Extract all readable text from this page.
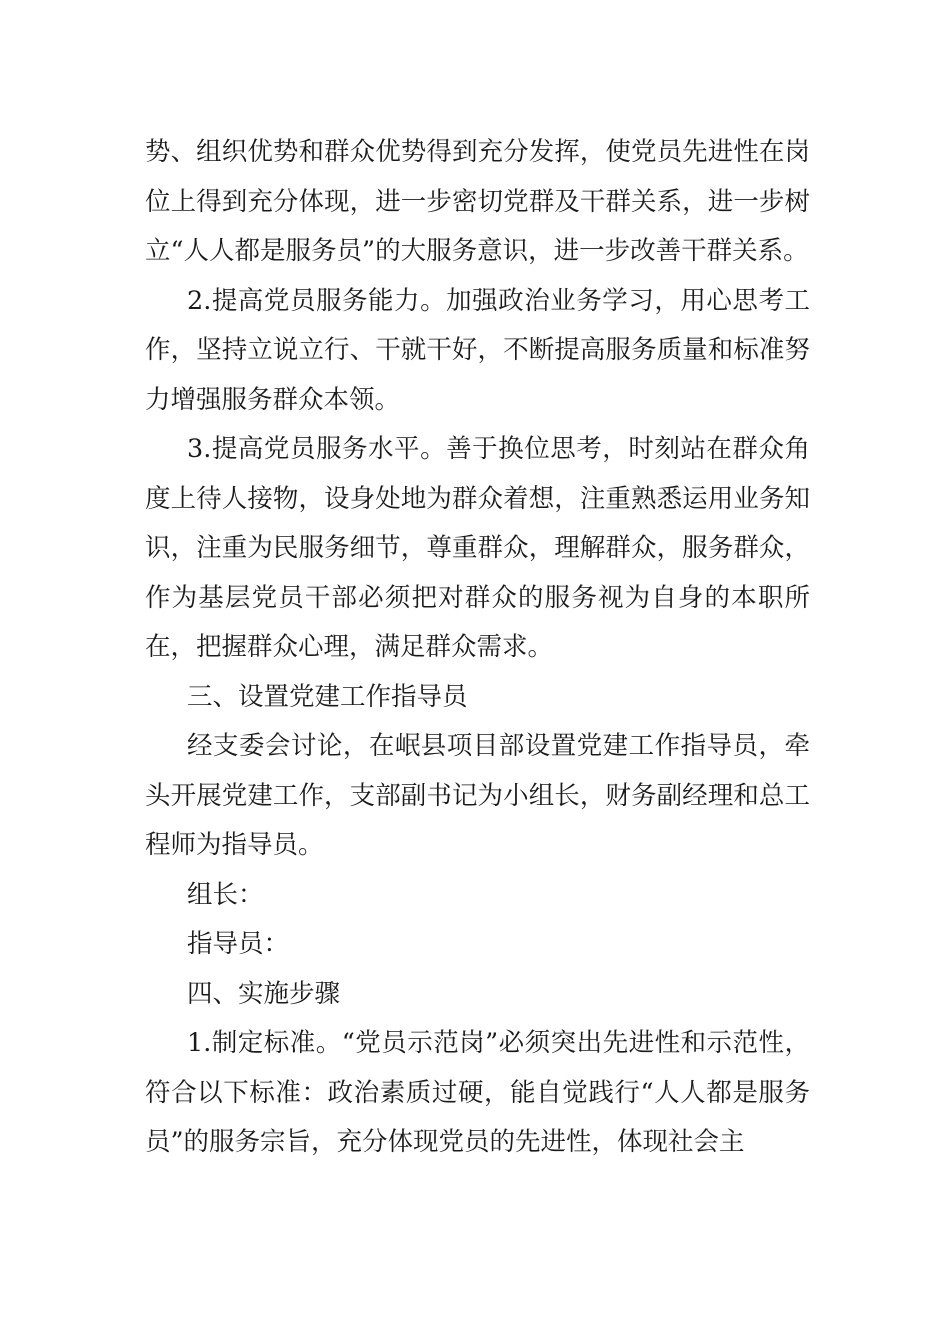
势、组织优势和群众优势得到充分发挥，使党员先进性在岗位上得到充分体现，进一步密切党群及干群关系，进一步树立“人人都是服务员”的大服务意识，进一步改善干群关系。

2.提高党员服务能力。加强政治业务学习，用心思考工作，坚持立说立行、干就干好，不断提高服务质量和标准努力增强服务群众本领。

3.提高党员服务水平。善于换位思考，时刻站在群众角度上待人接物，设身处地为群众着想，注重熟悉运用业务知识，注重为民服务细节，尊重群众，理解群众，服务群众，作为基层党员干部必须把对群众的服务视为自身的本职所在，把握群众心理，满足群众需求。

三、设置党建工作指导员

经支委会讨论，在岷县项目部设置党建工作指导员，牵头开展党建工作，支部副书记为小组长，财务副经理和总工程师为指导员。

组长：

指导员：

四、实施步骤

1.制定标准。“党员示范岗”必须突出先进性和示范性，符合以下标准：政治素质过硬，能自觉践行“人人都是服务员”的服务宗旨，充分体现党员的先进性，体现社会主
